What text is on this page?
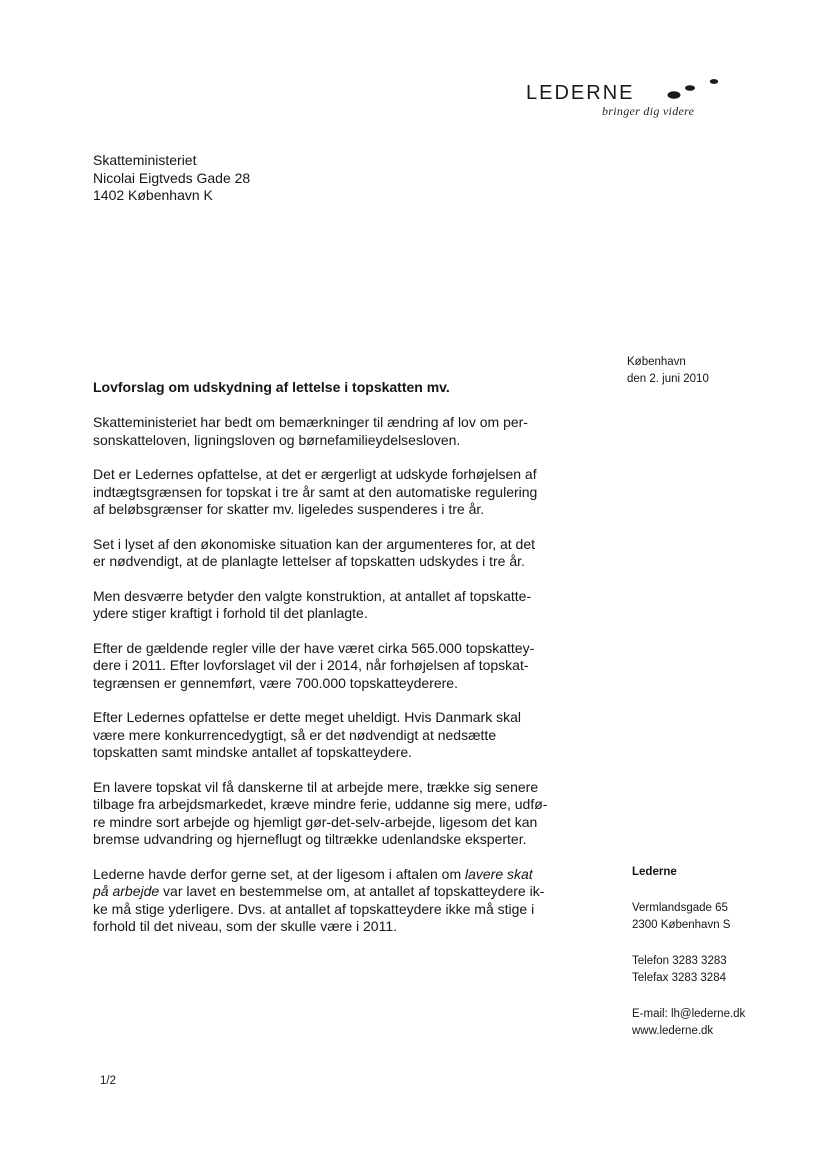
LEDERNE
bringer dig videre
Skatteministeriet
Nicolai Eigtveds Gade 28
1402 København K
København
den 2. juni 2010
Lovforslag om udskydning af lettelse i topskatten mv.

Skatteministeriet har bedt om bemærkninger til ændring af lov om per-
sonskatteloven, ligningsloven og børnefamilieydelsesloven.

Det er Ledernes opfattelse, at det er ærgerligt at udskyde forhøjelsen af
indtægtsgrænsen for topskat i tre år samt at den automatiske regulering
af beløbsgrænser for skatter mv. ligeledes suspenderes i tre år.

Set i lyset af den økonomiske situation kan der argumenteres for, at det
er nødvendigt, at de planlagte lettelser af topskatten udskydes i tre år.

Men desværre betyder den valgte konstruktion, at antallet af topskatte-
ydere stiger kraftigt i forhold til det planlagte.

Efter de gældende regler ville der have været cirka 565.000 topskattey-
dere i 2011. Efter lovforslaget vil der i 2014, når forhøjelsen af topskat-
tegrænsen er gennemført, være 700.000 topskatteyderere.

Efter Ledernes opfattelse er dette meget uheldigt. Hvis Danmark skal
være mere konkurrencedygtigt, så er det nødvendigt at nedsætte
topskatten samt mindske antallet af topskatteydere.

En lavere topskat vil få danskerne til at arbejde mere, trække sig senere
tilbage fra arbejdsmarkedet, kræve mindre ferie, uddanne sig mere, udfø-
re mindre sort arbejde og hjemligt gør-det-selv-arbejde, ligesom det kan
bremse udvandring og hjerneflugt og tiltrække udenlandske eksperter.

Lederne havde derfor gerne set, at der ligesom i aftalen om lavere skat
på arbejde var lavet en bestemmelse om, at antallet af topskatteydere ik-
ke må stige yderligere. Dvs. at antallet af topskatteydere ikke må stige i
forhold til det niveau, som der skulle være i 2011.

Lederne
Vermlandsgade 65
2300 København S
Telefon 3283 3283
Telefax 3283 3284
E-mail: lh@lederne.dk
www.lederne.dk
1/2
